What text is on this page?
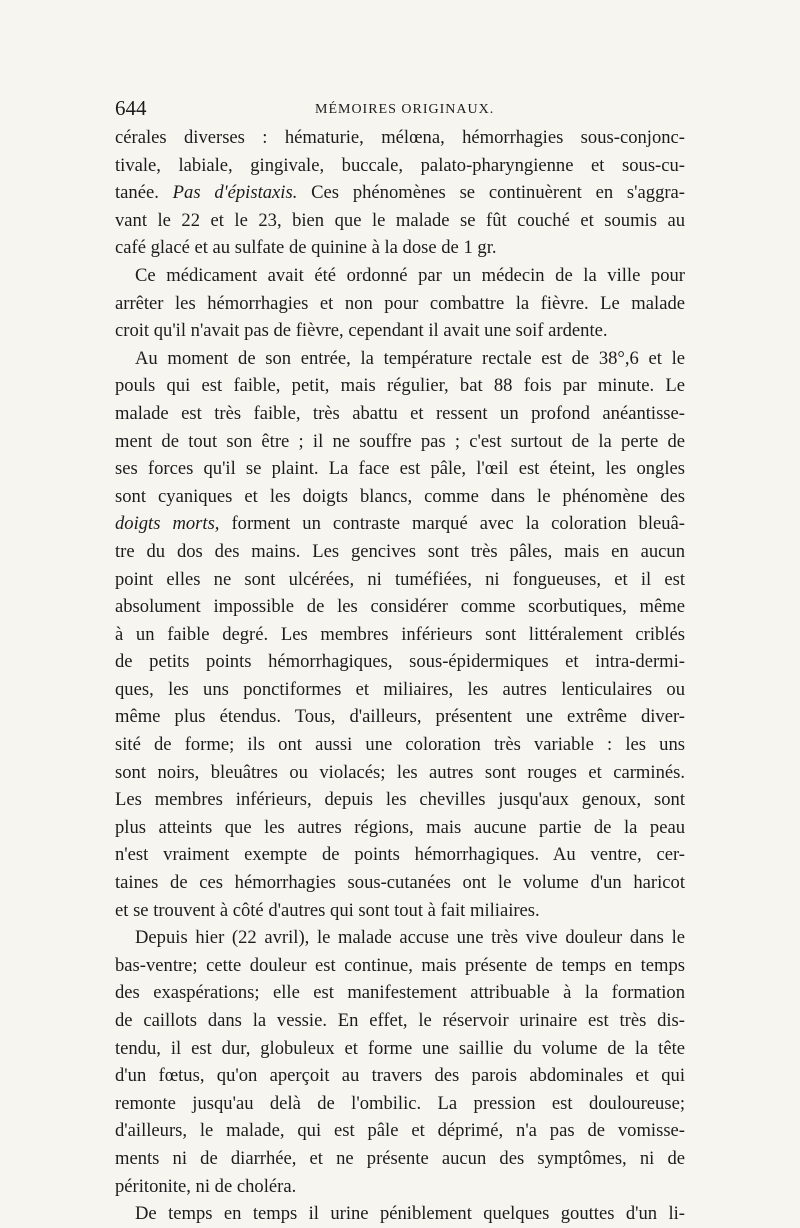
644	MÉMOIRES ORIGINAUX.
cérales diverses : hématurie, mélœna, hémorrhagies sous-conjonc-
tivale, labiale, gingivale, buccale, palato-pharyngienne et sous-cu-
tanée. Pas d'épistaxis. Ces phénomènes se continuèrent en s'aggra-
vant le 22 et le 23, bien que le malade se fût couché et soumis au
café glacé et au sulfate de quinine à la dose de 1 gr.
Ce médicament avait été ordonné par un médecin de la ville pour
arrêter les hémorrhagies et non pour combattre la fièvre. Le malade
croit qu'il n'avait pas de fièvre, cependant il avait une soif ardente.
Au moment de son entrée, la température rectale est de 38°,6 et le
pouls qui est faible, petit, mais régulier, bat 88 fois par minute. Le
malade est très faible, très abattu et ressent un profond anéantisse-
ment de tout son être ; il ne souffre pas ; c'est surtout de la perte de
ses forces qu'il se plaint. La face est pâle, l'œil est éteint, les ongles
sont cyaniques et les doigts blancs, comme dans le phénomène des
doigts morts, forment un contraste marqué avec la coloration bleuâ-
tre du dos des mains. Les gencives sont très pâles, mais en aucun
point elles ne sont ulcérées, ni tuméfiées, ni fongueuses, et il est
absolument impossible de les considérer comme scorbutiques, même
à un faible degré. Les membres inférieurs sont littéralement criblés
de petits points hémorrhagiques, sous-épidermiques et intra-dermi-
ques, les uns ponctiformes et miliaires, les autres lenticulaires ou
même plus étendus. Tous, d'ailleurs, présentent une extrême diver-
sité de forme; ils ont aussi une coloration très variable : les uns
sont noirs, bleuâtres ou violacés; les autres sont rouges et carminés.
Les membres inférieurs, depuis les chevilles jusqu'aux genoux, sont
plus atteints que les autres régions, mais aucune partie de la peau
n'est vraiment exempte de points hémorrhagiques. Au ventre, cer-
taines de ces hémorrhagies sous-cutanées ont le volume d'un haricot
et se trouvent à côté d'autres qui sont tout à fait miliaires.
Depuis hier (22 avril), le malade accuse une très vive douleur dans le
bas-ventre; cette douleur est continue, mais présente de temps en temps
des exaspérations; elle est manifestement attribuable à la formation
de caillots dans la vessie. En effet, le réservoir urinaire est très dis-
tendu, il est dur, globuleux et forme une saillie du volume de la tête
d'un fœtus, qu'on aperçoit au travers des parois abdominales et qui
remonte jusqu'au delà de l'ombilic. La pression est douloureuse;
d'ailleurs, le malade, qui est pâle et déprimé, n'a pas de vomisse-
ments ni de diarrhée, et ne présente aucun des symptômes, ni de
péritonite, ni de choléra.
De temps en temps il urine péniblement quelques gouttes d'un li-
